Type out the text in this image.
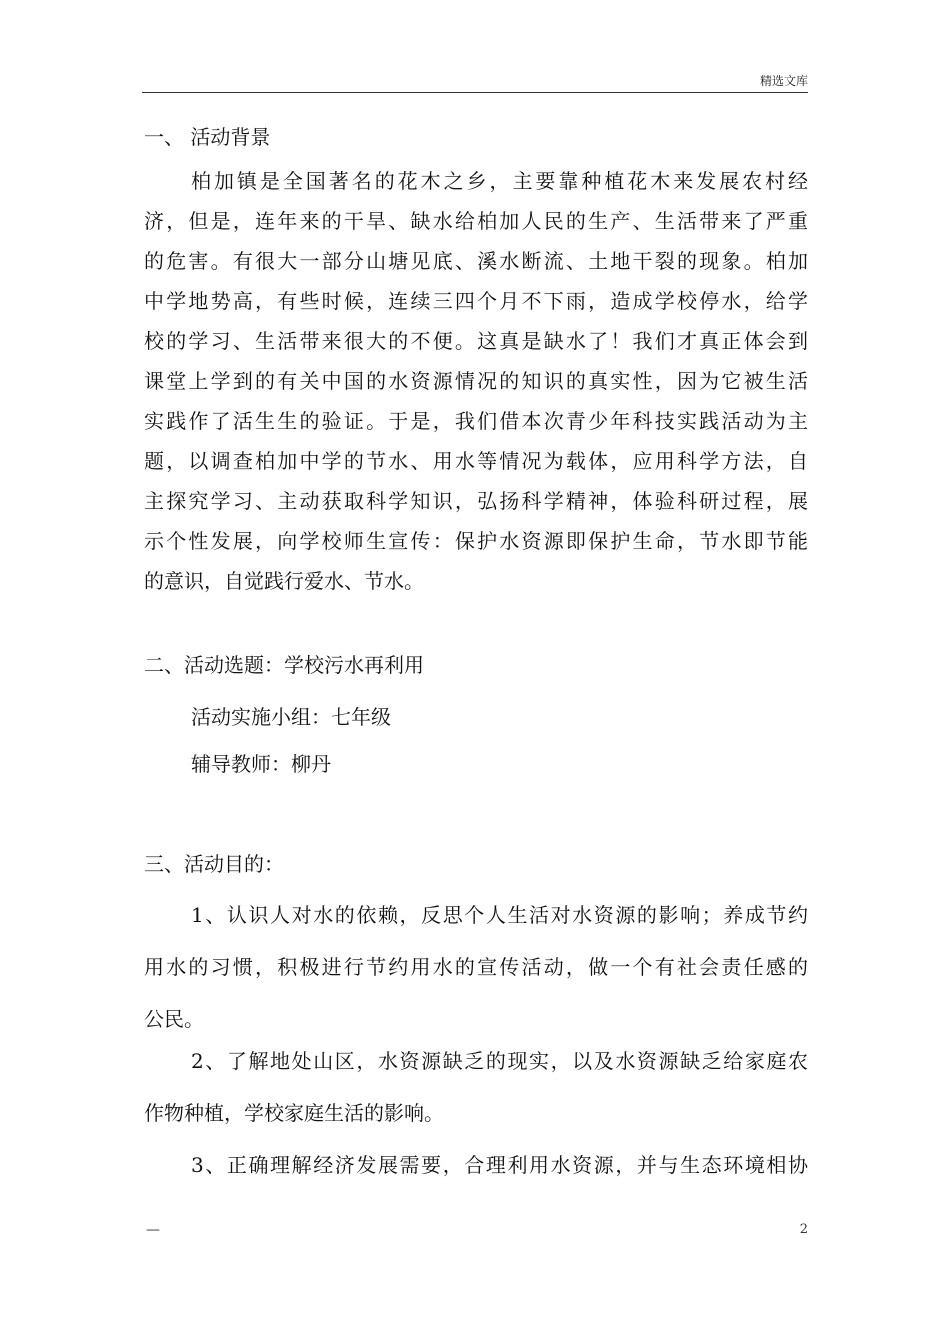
精选文库
一、 活动背景
柏加镇是全国著名的花木之乡，主要靠种植花木来发展农村经
济，但是，连年来的干旱、缺水给柏加人民的生产、生活带来了严重
的危害。有很大一部分山塘见底、溪水断流、土地干裂的现象。柏加
中学地势高，有些时候，连续三四个月不下雨，造成学校停水，给学
校的学习、生活带来很大的不便。这真是缺水了！我们才真正体会到
课堂上学到的有关中国的水资源情况的知识的真实性，因为它被生活
实践作了活生生的验证。于是，我们借本次青少年科技实践活动为主
题，以调查柏加中学的节水、用水等情况为载体，应用科学方法，自
主探究学习、主动获取科学知识，弘扬科学精神，体验科研过程，展
示个性发展，向学校师生宣传：保护水资源即保护生命，节水即节能
的意识，自觉践行爱水、节水。
二、活动选题：学校污水再利用
活动实施小组：七年级
辅导教师：柳丹
三、活动目的：
1、认识人对水的依赖，反思个人生活对水资源的影响；养成节约
用水的习惯，积极进行节约用水的宣传活动，做一个有社会责任感的
公民。
2、了解地处山区，水资源缺乏的现实，以及水资源缺乏给家庭农
作物种植，学校家庭生活的影响。
3、正确理解经济发展需要，合理利用水资源，并与生态环境相协
—	2
